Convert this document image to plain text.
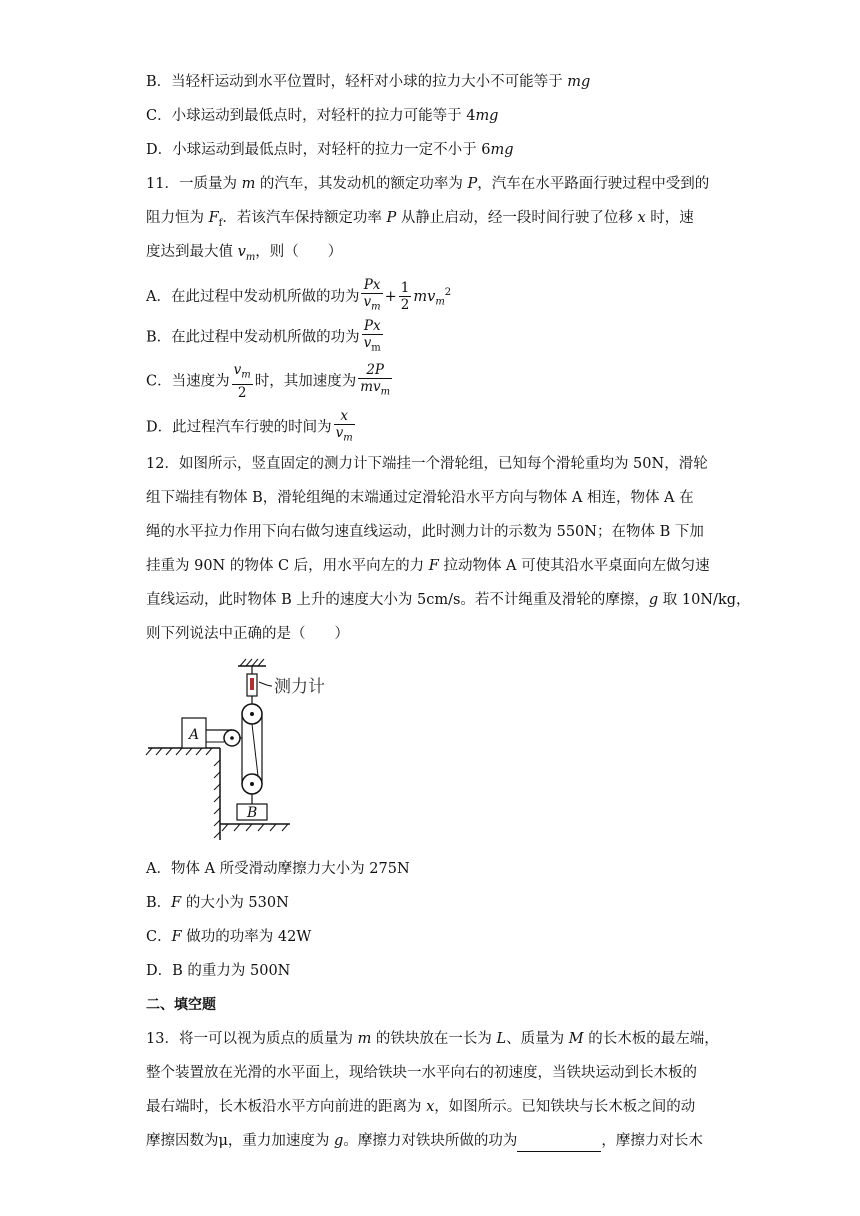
B．当轻杆运动到水平位置时，轻杆对小球的拉力大小不可能等于 mg
C．小球运动到最低点时，对轻杆的拉力可能等于 4mg
D．小球运动到最低点时，对轻杆的拉力一定不小于 6mg
11．一质量为 m 的汽车，其发动机的额定功率为 P，汽车在水平路面行驶过程中受到的
阻力恒为 $F_f$．若该汽车保持额定功率 P 从静止启动，经一段时间行驶了位移 x 时，速
度达到最大值 $v_m$，则（　　）
A．在此过程中发动机所做的功为 $\frac{Px}{v_m} + \frac{1}{2} mv_m^2$
B．在此过程中发动机所做的功为 $\frac{Px}{v_m}$
C．当速度为 $\frac{v_m}{2}$ 时，其加速度为 $\frac{2P}{mv_m}$
D．此过程汽车行驶的时间为 $\frac{x}{v_m}$
12．如图所示，竖直固定的测力计下端挂一个滑轮组，已知每个滑轮重均为 50N，滑轮
组下端挂有物体 B，滑轮组绳的末端通过定滑轮沿水平方向与物体 A 相连，物体 A 在
绳的水平拉力作用下向右做匀速直线运动，此时测力计的示数为 550N；在物体 B 下加
挂重为 90N 的物体 C 后，用水平向左的力 F 拉动物体 A 可使其沿水平桌面向左做匀速
直线运动，此时物体 B 上升的速度大小为 5cm/s。若不计绳重及滑轮的摩擦，g 取 10N/kg，
则下列说法中正确的是（　　）
测力计
B
A
A．物体 A 所受滑动摩擦力大小为 275N
B．F 的大小为 530N
C．F 做功的功率为 42W
D．B 的重力为 500N
二、填空题
13．将一可以视为质点的质量为 m 的铁块放在一长为 L、质量为 M 的长木板的最左端，
整个装置放在光滑的水平面上，现给铁块一水平向右的初速度，当铁块运动到长木板的
最右端时，长木板沿水平方向前进的距离为 x，如图所示。已知铁块与长木板之间的动
摩擦因数为μ，重力加速度为 g。摩擦力对铁块所做的功为	，摩擦力对长木
